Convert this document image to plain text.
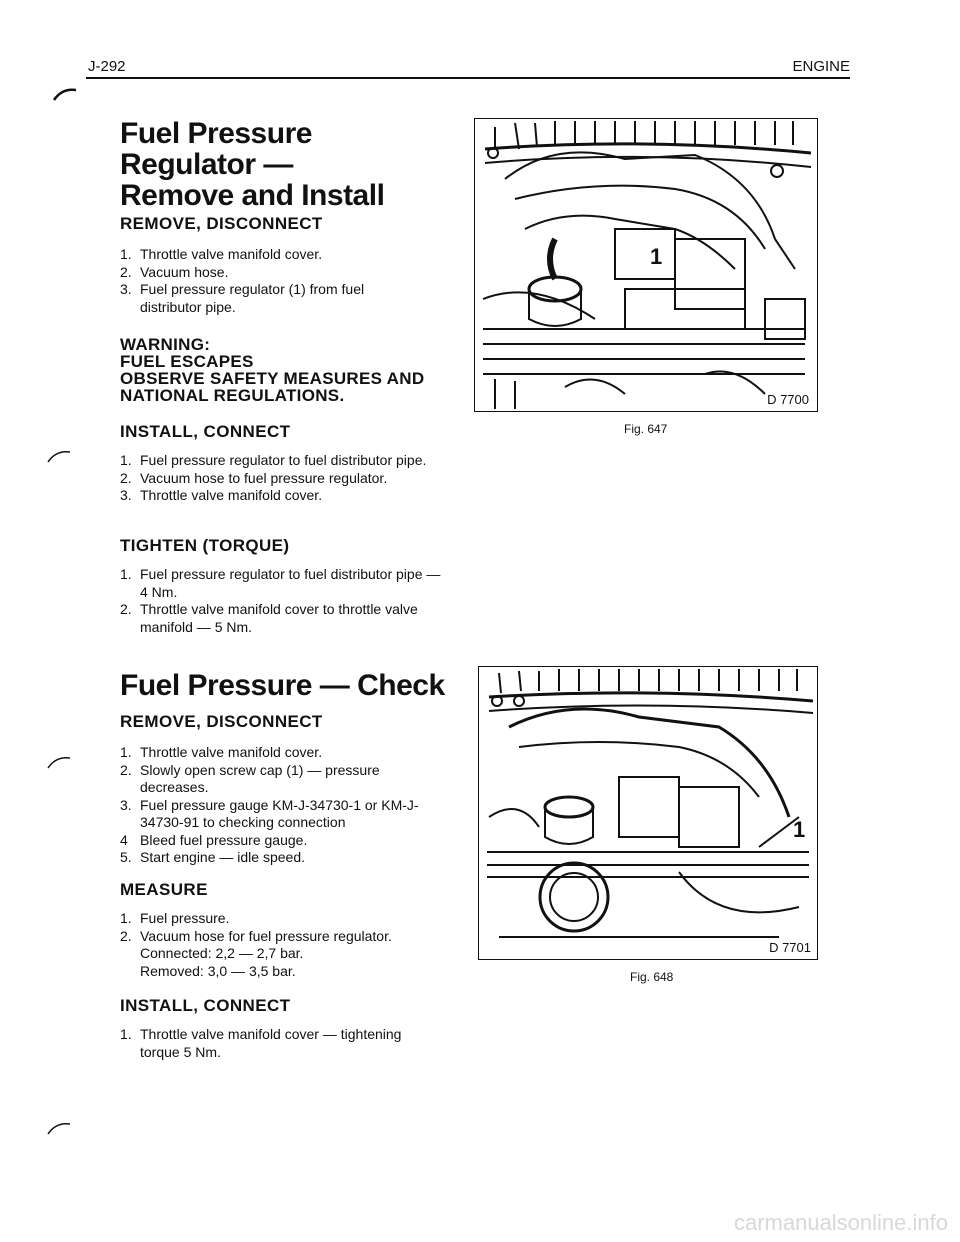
J-292	ENGINE
Fuel Pressure
Regulator —
Remove and Install
REMOVE, DISCONNECT
1. Throttle valve manifold cover.
2. Vacuum hose.
3. Fuel pressure regulator (1) from fuel distributor pipe.
WARNING:
FUEL ESCAPES
OBSERVE SAFETY MEASURES AND
NATIONAL REGULATIONS.
INSTALL, CONNECT
1. Fuel pressure regulator to fuel distributor pipe.
2. Vacuum hose to fuel pressure regulator.
3. Throttle valve manifold cover.
TIGHTEN (TORQUE)
1. Fuel pressure regulator to fuel distributor pipe — 4 Nm.
2. Throttle valve manifold cover to throttle valve manifold — 5 Nm.
Fuel Pressure — Check
REMOVE, DISCONNECT
1. Throttle valve manifold cover.
2. Slowly open screw cap (1) — pressure decreases.
3. Fuel pressure gauge KM-J-34730-1 or KM-J-34730-91 to checking connection
4 Bleed fuel pressure gauge.
5. Start engine — idle speed.
MEASURE
1. Fuel pressure.
2. Vacuum hose for fuel pressure regulator.
Connected: 2,2 — 2,7 bar.
Removed: 3,0 — 3,5 bar.
INSTALL, CONNECT
1. Throttle valve manifold cover — tightening torque 5 Nm.
1
D 7700
Fig. 647
1
D 7701
Fig. 648
carmanualsonline.info
